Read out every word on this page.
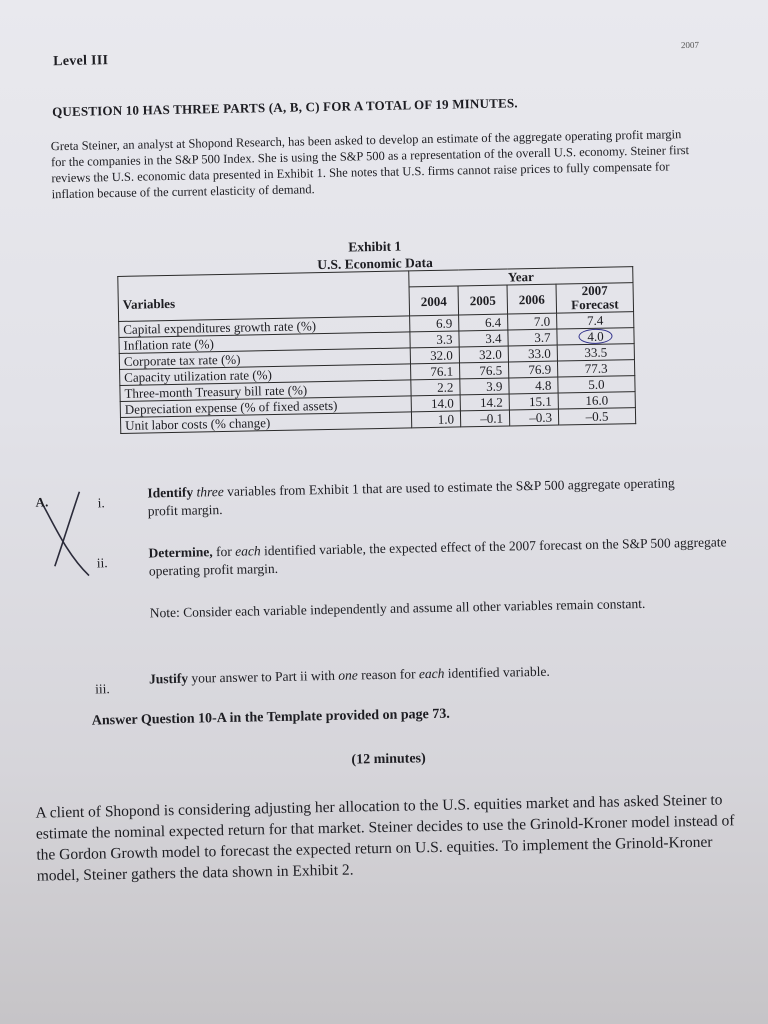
Level III
2007
QUESTION 10 HAS THREE PARTS (A, B, C) FOR A TOTAL OF 19 MINUTES.
Greta Steiner, an analyst at Shopond Research, has been asked to develop an estimate of the aggregate operating profit margin for the companies in the S&P 500 Index. She is using the S&P 500 as a representation of the overall U.S. economy. Steiner first reviews the U.S. economic data presented in Exhibit 1. She notes that U.S. firms cannot raise prices to fully compensate for inflation because of the current elasticity of demand.
Exhibit 1
U.S. Economic Data
Variables	Year			
	2004	2005	2006	2007
Forecast

Capital expenditures growth rate (%)	6.9	6.4	7.0	7.4
Inflation rate (%)	3.3	3.4	3.7	4.0
Corporate tax rate (%)	32.0	32.0	33.0	33.5
Capacity utilization rate (%)	76.1	76.5	76.9	77.3
Three-month Treasury bill rate (%)	2.2	3.9	4.8	5.0
Depreciation expense (% of fixed assets)	14.0	14.2	15.1	16.0
Unit labor costs (% change)	1.0	–0.1	–0.3	–0.5
A.	i.
Identify three variables from Exhibit 1 that are used to estimate the S&P 500 aggregate operating profit margin.
ii.
Determine, for each identified variable, the expected effect of the 2007 forecast on the S&P 500 aggregate operating profit margin.
Note: Consider each variable independently and assume all other variables remain constant.
iii.
Justify your answer to Part ii with one reason for each identified variable.
Answer Question 10-A in the Template provided on page 73.
(12 minutes)
A client of Shopond is considering adjusting her allocation to the U.S. equities market and has asked Steiner to estimate the nominal expected return for that market. Steiner decides to use the Grinold-Kroner model instead of the Gordon Growth model to forecast the expected return on U.S. equities. To implement the Grinold-Kroner model, Steiner gathers the data shown in Exhibit 2.
